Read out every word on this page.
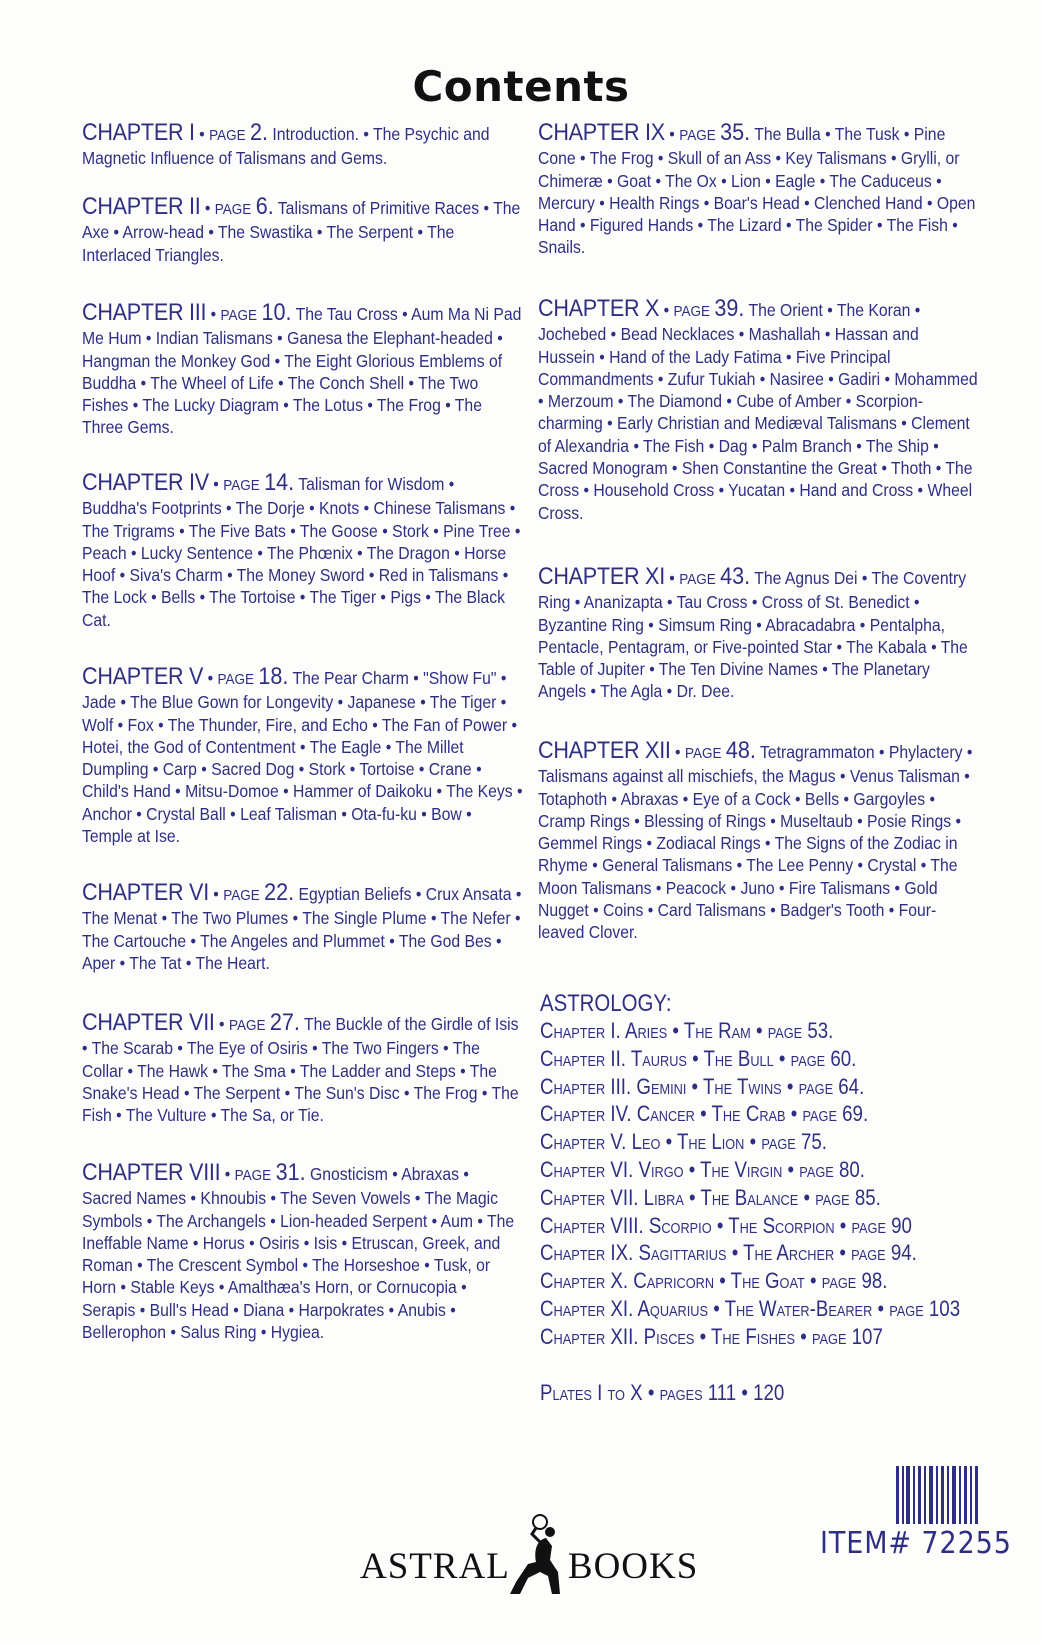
Contents
CHAPTER I • PAGE 2. Introduction. • The Psychic and Magnetic Influence of Talismans and Gems.
CHAPTER II • PAGE 6. Talismans of Primitive Races • The Axe • Arrow-head • The Swastika • The Serpent • The Interlaced Triangles.
CHAPTER III • PAGE 10. The Tau Cross • Aum Ma Ni Pad Me Hum • Indian Talismans • Ganesa the Elephant-headed • Hangman the Monkey God • The Eight Glorious Emblems of Buddha • The Wheel of Life • The Conch Shell • The Two Fishes • The Lucky Diagram • The Lotus • The Frog • The Three Gems.
CHAPTER IV • PAGE 14. Talisman for Wisdom • Buddha's Footprints • The Dorje • Knots • Chinese Talismans • The Trigrams • The Five Bats • The Goose • Stork • Pine Tree • Peach • Lucky Sentence • The Phœnix • The Dragon • Horse Hoof • Siva's Charm • The Money Sword • Red in Talismans • The Lock • Bells • The Tortoise • The Tiger • Pigs • The Black Cat.
CHAPTER V • PAGE 18. The Pear Charm • "Show Fu" • Jade • The Blue Gown for Longevity • Japanese • The Tiger • Wolf • Fox • The Thunder, Fire, and Echo • The Fan of Power • Hotei, the God of Contentment • The Eagle • The Millet Dumpling • Carp • Sacred Dog • Stork • Tortoise • Crane • Child's Hand • Mitsu-Domoe • Hammer of Daikoku • The Keys • Anchor • Crystal Ball • Leaf Talisman • Ota-fu-ku • Bow • Temple at Ise.
CHAPTER VI • PAGE 22. Egyptian Beliefs • Crux Ansata • The Menat • The Two Plumes • The Single Plume • The Nefer • The Cartouche • The Angeles and Plummet • The God Bes • Aper • The Tat • The Heart.
CHAPTER VII • PAGE 27. The Buckle of the Girdle of Isis • The Scarab • The Eye of Osiris • The Two Fingers • The Collar • The Hawk • The Sma • The Ladder and Steps • The Snake's Head • The Serpent • The Sun's Disc • The Frog • The Fish • The Vulture • The Sa, or Tie.
CHAPTER VIII • PAGE 31. Gnosticism • Abraxas • Sacred Names • Khnoubis • The Seven Vowels • The Magic Symbols • The Archangels • Lion-headed Serpent • Aum • The Ineffable Name • Horus • Osiris • Isis • Etruscan, Greek, and Roman • The Crescent Symbol • The Horseshoe • Tusk, or Horn • Stable Keys • Amalthæa's Horn, or Cornucopia • Serapis • Bull's Head • Diana • Harpokrates • Anubis • Bellerophon • Salus Ring • Hygiea.
CHAPTER IX • PAGE 35. The Bulla • The Tusk • Pine Cone • The Frog • Skull of an Ass • Key Talismans • Grylli, or Chimeræ • Goat • The Ox • Lion • Eagle • The Caduceus • Mercury • Health Rings • Boar's Head • Clenched Hand • Open Hand • Figured Hands • The Lizard • The Spider • The Fish • Snails.
CHAPTER X • PAGE 39. The Orient • The Koran • Jochebed • Bead Necklaces • Mashallah • Hassan and Hussein • Hand of the Lady Fatima • Five Principal Commandments • Zufur Tukiah • Nasiree • Gadiri • Mohammed • Merzoum • The Diamond • Cube of Amber • Scorpion-charming • Early Christian and Mediæval Talismans • Clement of Alexandria • The Fish • Dag • Palm Branch • The Ship • Sacred Monogram • Shen Constantine the Great • Thoth • The Cross • Household Cross • Yucatan • Hand and Cross • Wheel Cross.
CHAPTER XI • PAGE 43. The Agnus Dei • The Coventry Ring • Ananizapta • Tau Cross • Cross of St. Benedict • Byzantine Ring • Simsum Ring • Abracadabra • Pentalpha, Pentacle, Pentagram, or Five-pointed Star • The Kabala • The Table of Jupiter • The Ten Divine Names • The Planetary Angels • The Agla • Dr. Dee.
CHAPTER XII • PAGE 48. Tetragrammaton • Phylactery • Talismans against all mischiefs, the Magus • Venus Talisman • Totaphoth • Abraxas • Eye of a Cock • Bells • Gargoyles • Cramp Rings • Blessing of Rings • Museltaub • Posie Rings • Gemmel Rings • Zodiacal Rings • The Signs of the Zodiac in Rhyme • General Talismans • The Lee Penny • Crystal • The Moon Talismans • Peacock • Juno • Fire Talismans • Gold Nugget • Coins • Card Talismans • Badger's Tooth • Four-leaved Clover.
ASTROLOGY:
Chapter I. Aries • The Ram • page 53.
Chapter II. Taurus • The Bull • page 60.
Chapter III. Gemini • The Twins • page 64.
Chapter IV. Cancer • The Crab • page 69.
Chapter V. Leo • The Lion • page 75.
Chapter VI. Virgo • The Virgin • page 80.
Chapter VII. Libra • The Balance • page 85.
Chapter VIII. Scorpio • The Scorpion • page 90
Chapter IX. Sagittarius • The Archer • page 94.
Chapter X. Capricorn • The Goat • page 98.
Chapter XI. Aquarius • The Water-Bearer • page 103
Chapter XII. Pisces • The Fishes • page 107
Plates I to X • pages 111 • 120
ASTRAL BOOKS
ITEM# 72255
